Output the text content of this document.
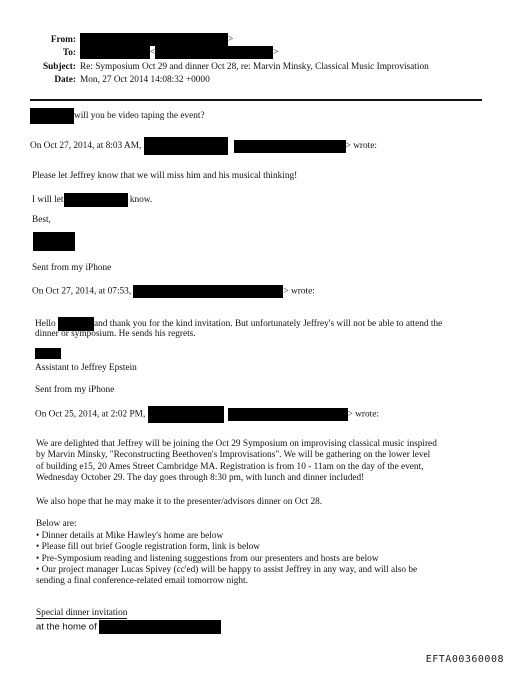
From:	>
To:	<	>
Subject: Re: Symposium Oct 29 and dinner Oct 28, re: Marvin Minsky, Classical Music Improvisation
Date: Mon, 27 Oct 2014 14:08:32 +0000
will you be video taping the event?
On Oct 27, 2014, at 8:03 AM,	> wrote:
Please let Jeffrey know that we will miss him and his musical thinking!
I will let	know.
Best,
Sent from my iPhone
On Oct 27, 2014, at 07:53,	> wrote:
Hello	and thank you for the kind invitation. But unfortunately Jeffrey's will not be able to attend the
dinner or symposium. He sends his regrets.
Assistant to Jeffrey Epstein
Sent from my iPhone
On Oct 25, 2014, at 2:02 PM,	> wrote:
We are delighted that Jeffrey will be joining the Oct 29 Symposium on improvising classical music inspired
by Marvin Minsky, "Reconstructing Beethoven's Improvisations". We will be gathering on the lower level
of building e15, 20 Ames Street Cambridge MA. Registration is from 10 - 11am on the day of the event,
Wednesday October 29. The day goes through 8:30 pm, with lunch and dinner included!
We also hope that he may make it to the presenter/advisors dinner on Oct 28.
Below are:
• Dinner details at Mike Hawley's home are below
• Please fill out brief Google registration form, link is below
• Pre-Symposium reading and listening suggestions from our presenters and hosts are below
• Our project manager Lucas Spivey (cc'ed) will be happy to assist Jeffrey in any way, and will also be
sending a final conference-related email tomorrow night.
Special dinner invitation
at the home of
EFTA00360008
